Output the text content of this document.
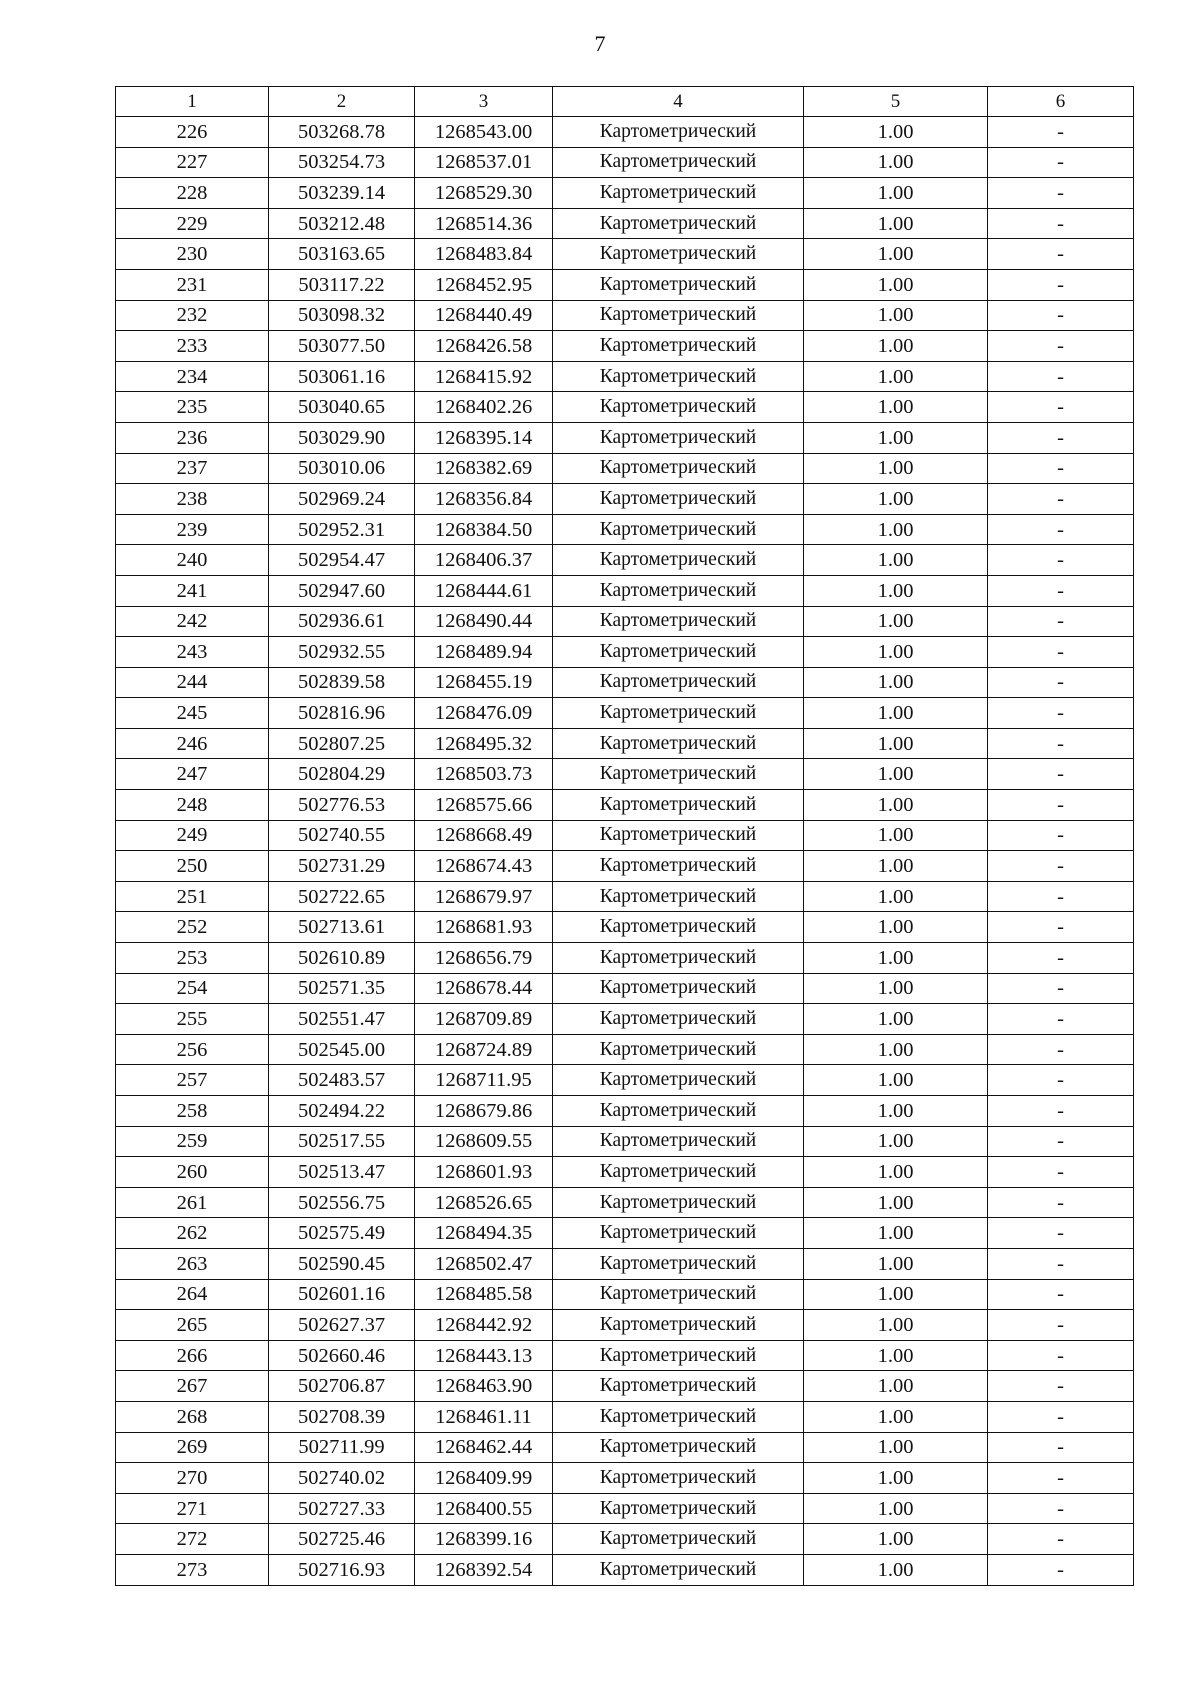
7
1	2	3	4	5	6
226	503268.78	1268543.00	Картометрический	1.00	-
227	503254.73	1268537.01	Картометрический	1.00	-
228	503239.14	1268529.30	Картометрический	1.00	-
229	503212.48	1268514.36	Картометрический	1.00	-
230	503163.65	1268483.84	Картометрический	1.00	-
231	503117.22	1268452.95	Картометрический	1.00	-
232	503098.32	1268440.49	Картометрический	1.00	-
233	503077.50	1268426.58	Картометрический	1.00	-
234	503061.16	1268415.92	Картометрический	1.00	-
235	503040.65	1268402.26	Картометрический	1.00	-
236	503029.90	1268395.14	Картометрический	1.00	-
237	503010.06	1268382.69	Картометрический	1.00	-
238	502969.24	1268356.84	Картометрический	1.00	-
239	502952.31	1268384.50	Картометрический	1.00	-
240	502954.47	1268406.37	Картометрический	1.00	-
241	502947.60	1268444.61	Картометрический	1.00	-
242	502936.61	1268490.44	Картометрический	1.00	-
243	502932.55	1268489.94	Картометрический	1.00	-
244	502839.58	1268455.19	Картометрический	1.00	-
245	502816.96	1268476.09	Картометрический	1.00	-
246	502807.25	1268495.32	Картометрический	1.00	-
247	502804.29	1268503.73	Картометрический	1.00	-
248	502776.53	1268575.66	Картометрический	1.00	-
249	502740.55	1268668.49	Картометрический	1.00	-
250	502731.29	1268674.43	Картометрический	1.00	-
251	502722.65	1268679.97	Картометрический	1.00	-
252	502713.61	1268681.93	Картометрический	1.00	-
253	502610.89	1268656.79	Картометрический	1.00	-
254	502571.35	1268678.44	Картометрический	1.00	-
255	502551.47	1268709.89	Картометрический	1.00	-
256	502545.00	1268724.89	Картометрический	1.00	-
257	502483.57	1268711.95	Картометрический	1.00	-
258	502494.22	1268679.86	Картометрический	1.00	-
259	502517.55	1268609.55	Картометрический	1.00	-
260	502513.47	1268601.93	Картометрический	1.00	-
261	502556.75	1268526.65	Картометрический	1.00	-
262	502575.49	1268494.35	Картометрический	1.00	-
263	502590.45	1268502.47	Картометрический	1.00	-
264	502601.16	1268485.58	Картометрический	1.00	-
265	502627.37	1268442.92	Картометрический	1.00	-
266	502660.46	1268443.13	Картометрический	1.00	-
267	502706.87	1268463.90	Картометрический	1.00	-
268	502708.39	1268461.11	Картометрический	1.00	-
269	502711.99	1268462.44	Картометрический	1.00	-
270	502740.02	1268409.99	Картометрический	1.00	-
271	502727.33	1268400.55	Картометрический	1.00	-
272	502725.46	1268399.16	Картометрический	1.00	-
273	502716.93	1268392.54	Картометрический	1.00	-
